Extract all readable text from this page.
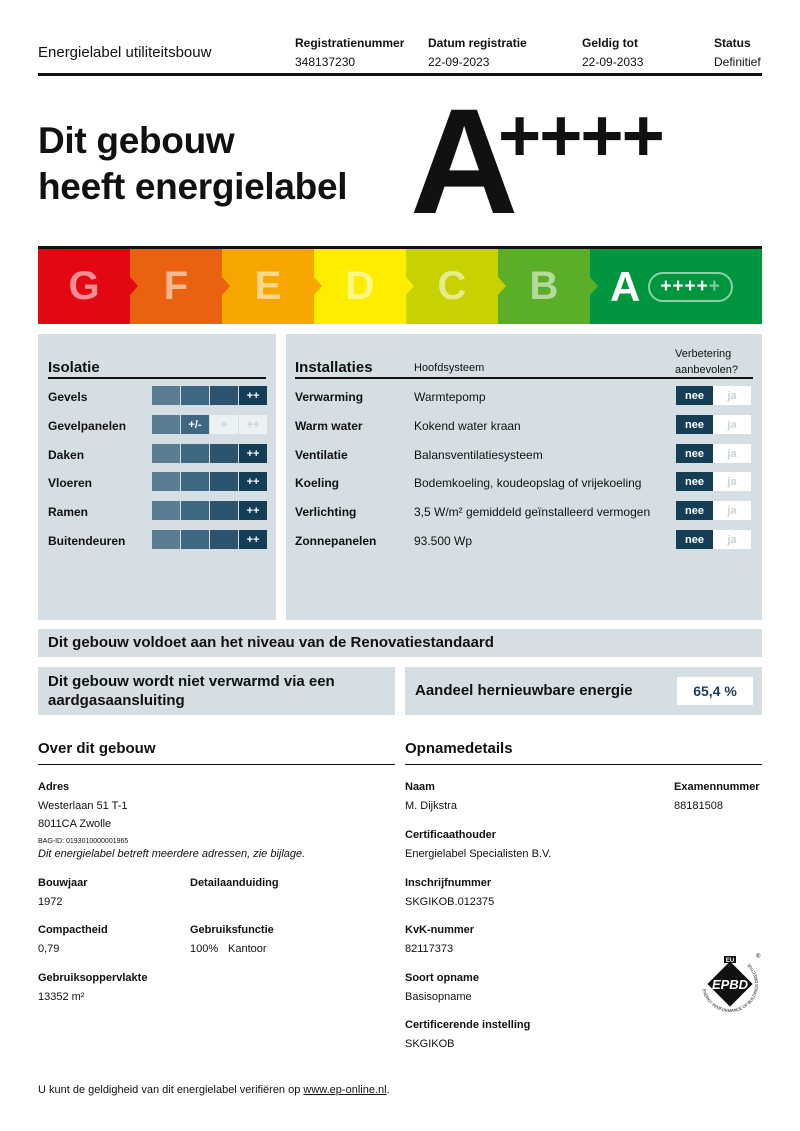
Energielabel utiliteitsbouw
Registratienummer
348137230
Datum registratie
22-09-2023
Geldig tot
22-09-2033
Status
Definitief
Dit gebouw
heeft energielabel A
++++
G F E D C B A ++++ +
Isolatie
Gevels	++
Gevelpanelen	+/-	+	++
Daken	++
Vloeren	++
Ramen	++
Buitendeuren	++
Installaties	Hoofdsysteem
Verbetering
aanbevolen?
Verwarming	Warmtepomp	nee	ja
Warm water	Kokend water kraan	nee	ja
Ventilatie	Balansventilatiesysteem	nee	ja
Koeling	Bodemkoeling, koudeopslag of vrijekoeling	nee	ja
Verlichting	3,5 W/m² gemiddeld geïnstalleerd vermogen	nee	ja
Zonnepanelen	93.500 Wp	nee	ja
Dit gebouw voldoet aan het niveau van de Renovatiestandaard
Dit gebouw wordt niet verwarmd via een
aardgasaansluiting
Aandeel hernieuwbare energie	65,4 %
Over dit gebouw
Adres
Westerlaan 51 T-1
8011CA Zwolle
BAG-ID: 0193010000001965
Dit energielabel betreft meerdere adressen, zie bijlage.
Bouwjaar
1972
Detailaanduiding
Compactheid
0,79
Gebruiksfunctie
100% Kantoor
Gebruiksoppervlakte
13352 m²
Opnamedetails
Naam
M. Dijkstra
Examennummer
88181508
Certificaathouder
Energielabel Specialisten B.V.
Inschrijfnummer
SKGIKOB.012375
KvK-nummer
82117373
Soort opname
Basisopname
Certificerende instelling
SKGIKOB
EPBD
EU
ENERGY PERFORMANCE OF BUILDINGS DIRECTIVE
®
U kunt de geldigheid van dit energielabel verifiëren op www.ep-online.nl.
